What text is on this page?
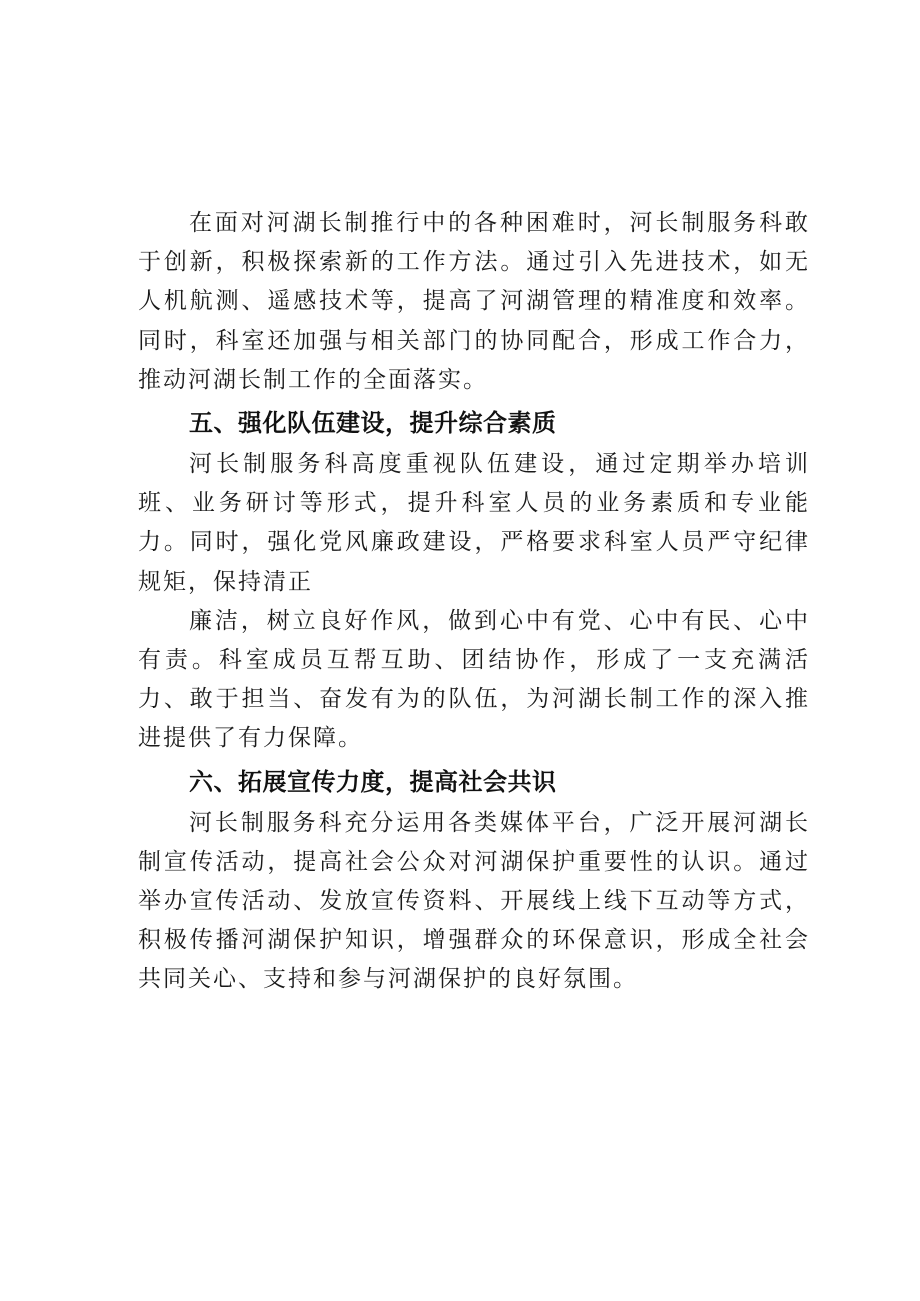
在面对河湖长制推行中的各种困难时，河长制服务科敢于创新，积极探索新的工作方法。通过引入先进技术，如无人机航测、遥感技术等，提高了河湖管理的精准度和效率。同时，科室还加强与相关部门的协同配合，形成工作合力，推动河湖长制工作的全面落实。

五、强化队伍建设，提升综合素质

河长制服务科高度重视队伍建设，通过定期举办培训班、业务研讨等形式，提升科室人员的业务素质和专业能力。同时，强化党风廉政建设，严格要求科室人员严守纪律规矩，保持清正

廉洁，树立良好作风，做到心中有党、心中有民、心中有责。科室成员互帮互助、团结协作，形成了一支充满活力、敢于担当、奋发有为的队伍，为河湖长制工作的深入推进提供了有力保障。

六、拓展宣传力度，提高社会共识

河长制服务科充分运用各类媒体平台，广泛开展河湖长制宣传活动，提高社会公众对河湖保护重要性的认识。通过举办宣传活动、发放宣传资料、开展线上线下互动等方式，积极传播河湖保护知识，增强群众的环保意识，形成全社会共同关心、支持和参与河湖保护的良好氛围。
